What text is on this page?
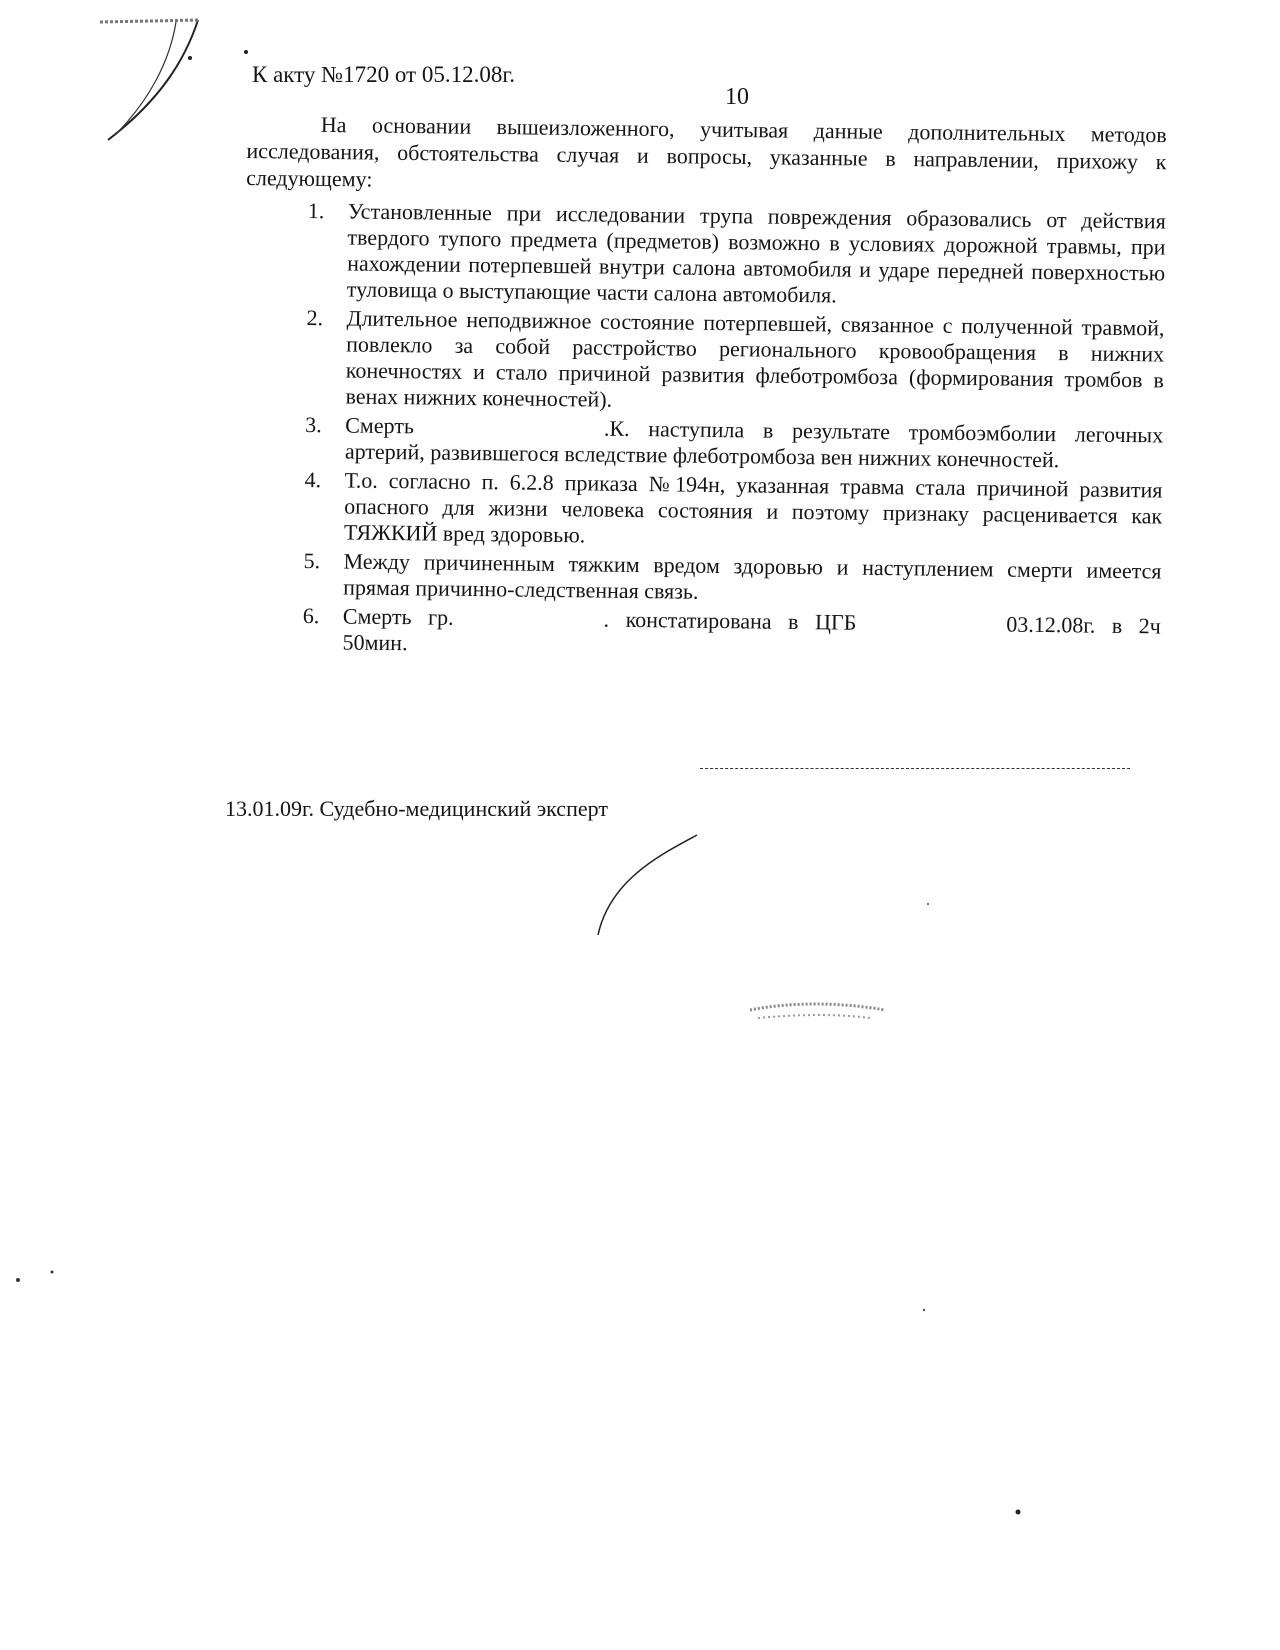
К акту №1720 от 05.12.08г.
10

На основании вышеизложенного, учитывая данные дополнительных методов исследования, обстоятельства случая и вопросы, указанные в направлении, прихожу к следующему:

1. Установленные при исследовании трупа повреждения образовались от действия твердого тупого предмета (предметов) возможно в условиях дорожной травмы, при нахождении потерпевшей внутри салона автомобиля и ударе передней поверхностью туловища о выступающие части салона автомобиля.
2. Длительное неподвижное состояние потерпевшей, связанное с полученной травмой, повлекло за собой расстройство регионального кровообращения в нижних конечностях и стало причиной развития флеботромбоза (формирования тромбов в венах нижних конечностей).
3. Смерть	.К. наступила в результате тромбоэмболии легочных артерий, развившегося вследствие флеботромбоза вен нижних конечностей.
4. Т.о. согласно п. 6.2.8 приказа №194н, указанная травма стала причиной развития опасного для жизни человека состояния и поэтому признаку расценивается как ТЯЖКИЙ вред здоровью.
5. Между причиненным тяжким вредом здоровью и наступлением смерти имеется прямая причинно-следственная связь.
6. Смерть гр.	. констатирована в ЦГБ	03.12.08г. в 2ч 50мин.
13.01.09г. Судебно-медицинский эксперт
